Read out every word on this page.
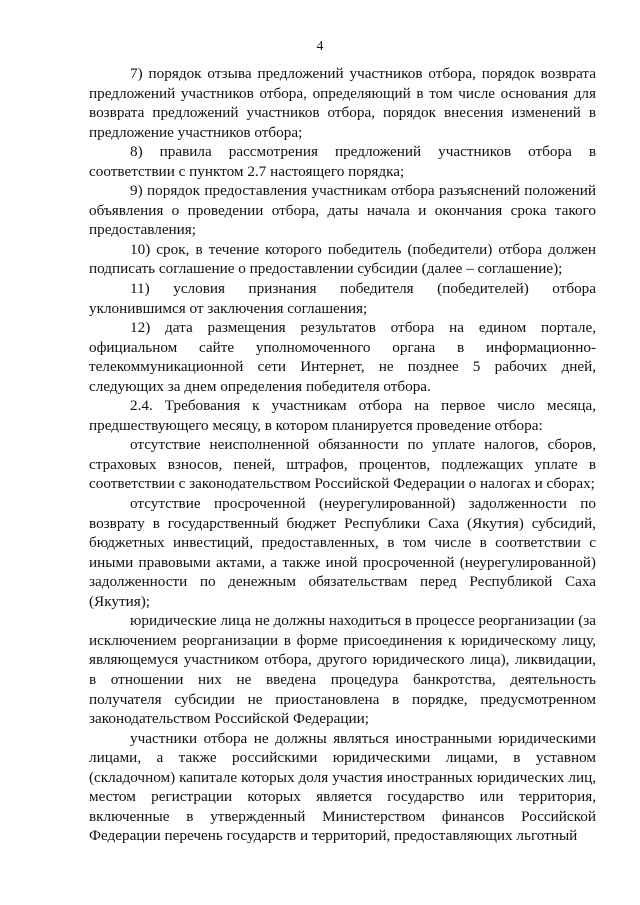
4

7) порядок отзыва предложений участников отбора, порядок возврата предложений участников отбора, определяющий в том числе основания для возврата предложений участников отбора, порядок внесения изменений в предложение участников отбора;

8) правила рассмотрения предложений участников отбора в соответствии с пунктом 2.7 настоящего порядка;

9) порядок предоставления участникам отбора разъяснений положений объявления о проведении отбора, даты начала и окончания срока такого предоставления;

10) срок, в течение которого победитель (победители) отбора должен подписать соглашение о предоставлении субсидии (далее – соглашение);

11) условия признания победителя (победителей) отбора уклонившимся от заключения соглашения;

12) дата размещения результатов отбора на едином портале, официальном сайте уполномоченного органа в информационно-телекоммуникационной сети Интернет, не позднее 5 рабочих дней, следующих за днем определения победителя отбора.

2.4. Требования к участникам отбора на первое число месяца, предшествующего месяцу, в котором планируется проведение отбора:

отсутствие неисполненной обязанности по уплате налогов, сборов, страховых взносов, пеней, штрафов, процентов, подлежащих уплате в соответствии с законодательством Российской Федерации о налогах и сборах;

отсутствие просроченной (неурегулированной) задолженности по возврату в государственный бюджет Республики Саха (Якутия) субсидий, бюджетных инвестиций, предоставленных, в том числе в соответствии с иными правовыми актами, а также иной просроченной (неурегулированной) задолженности по денежным обязательствам перед Республикой Саха (Якутия);

юридические лица не должны находиться в процессе реорганизации (за исключением реорганизации в форме присоединения к юридическому лицу, являющемуся участником отбора, другого юридического лица), ликвидации, в отношении них не введена процедура банкротства, деятельность получателя субсидии не приостановлена в порядке, предусмотренном законодательством Российской Федерации;

участники отбора не должны являться иностранными юридическими лицами, а также российскими юридическими лицами, в уставном (складочном) капитале которых доля участия иностранных юридических лиц, местом регистрации которых является государство или территория, включенные в утвержденный Министерством финансов Российской Федерации перечень государств и территорий, предоставляющих льготный
